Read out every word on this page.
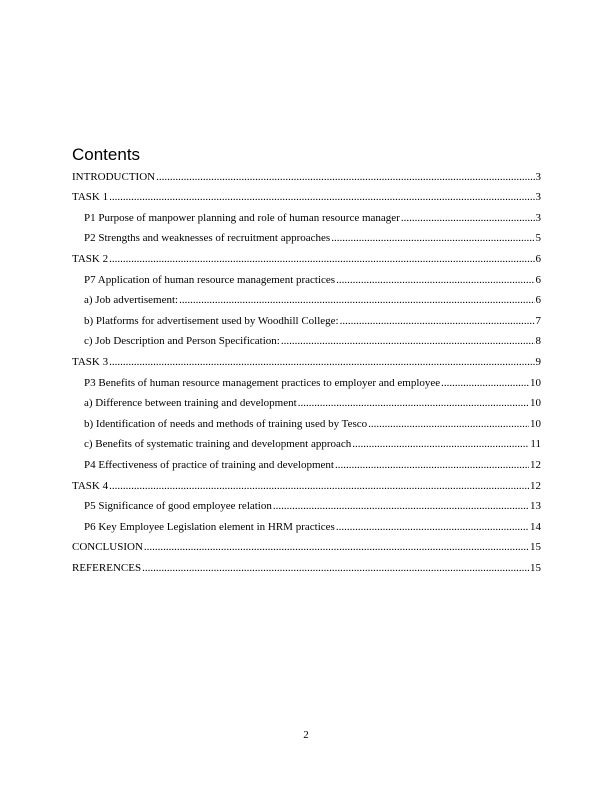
Contents
INTRODUCTION .....	3
TASK 1 .....	3
P1 Purpose of manpower planning and role of human resource manager .....	3
P2 Strengths and weaknesses of recruitment approaches .....	5
TASK 2 .....	6
P7 Application of human resource management practices .....	6
a) Job advertisement: .....	6
b) Platforms for advertisement used by Woodhill College: .....	7
c) Job Description and Person Specification: .....	8
TASK 3 .....	9
P3 Benefits of human resource management practices to employer and employee .....	10
a) Difference between training and development .....	10
b) Identification of needs and methods of training used by Tesco .....	10
c) Benefits of systematic training and development approach .....	11
P4 Effectiveness of practice of training and development .....	12
TASK 4 .....	12
P5 Significance of good employee relation .....	13
P6 Key Employee Legislation element in HRM practices .....	14
CONCLUSION .....	15
REFERENCES .....	15
2
